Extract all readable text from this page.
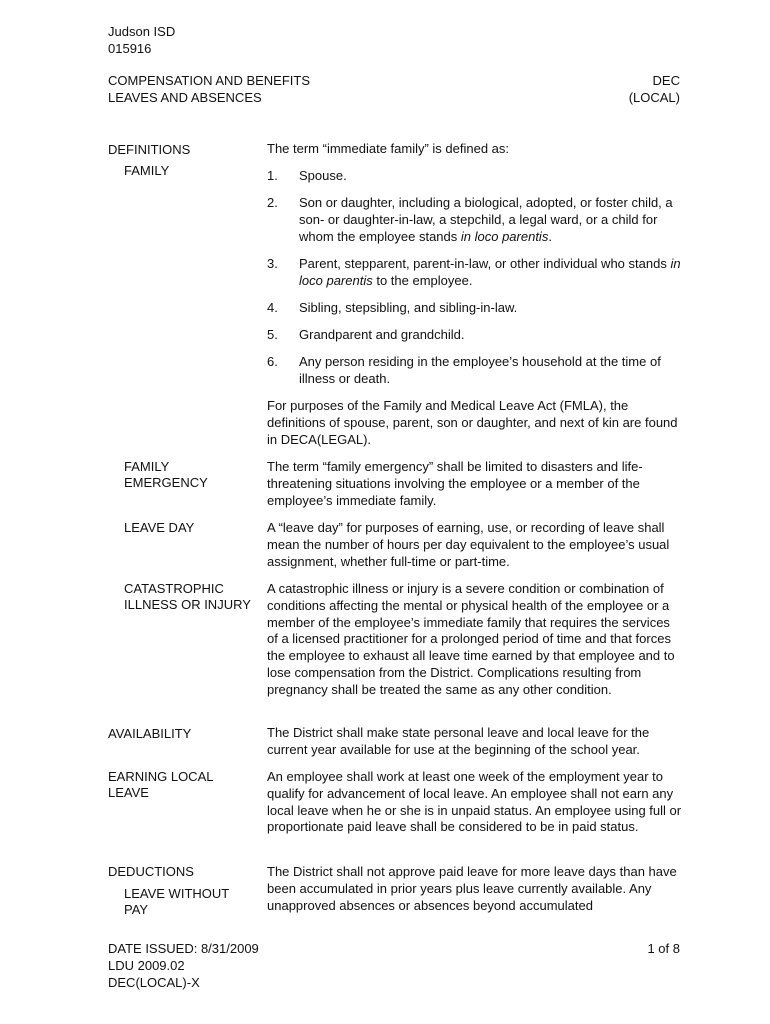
Judson ISD
015916
COMPENSATION AND BENEFITS
LEAVES AND ABSENCES
DEC
(LOCAL)
DEFINITIONS
FAMILY
FAMILY
EMERGENCY
LEAVE DAY
CATASTROPHIC
ILLNESS OR INJURY
AVAILABILITY
EARNING LOCAL
LEAVE
DEDUCTIONS
LEAVE WITHOUT
PAY
The term “immediate family” is defined as:
1. Spouse.
2. Son or daughter, including a biological, adopted, or foster child, a son- or daughter-in-law, a stepchild, a legal ward, or a child for whom the employee stands in loco parentis.
3. Parent, stepparent, parent-in-law, or other individual who stands in loco parentis to the employee.
4. Sibling, stepsibling, and sibling-in-law.
5. Grandparent and grandchild.
6. Any person residing in the employee’s household at the time of illness or death.
For purposes of the Family and Medical Leave Act (FMLA), the definitions of spouse, parent, son or daughter, and next of kin are found in DECA(LEGAL).
The term “family emergency” shall be limited to disasters and life-threatening situations involving the employee or a member of the employee’s immediate family.
A “leave day” for purposes of earning, use, or recording of leave shall mean the number of hours per day equivalent to the employee’s usual assignment, whether full-time or part-time.
A catastrophic illness or injury is a severe condition or combination of conditions affecting the mental or physical health of the employee or a member of the employee’s immediate family that requires the services of a licensed practitioner for a prolonged period of time and that forces the employee to exhaust all leave time earned by that employee and to lose compensation from the District. Complications resulting from pregnancy shall be treated the same as any other condition.
The District shall make state personal leave and local leave for the current year available for use at the beginning of the school year.
An employee shall work at least one week of the employment year to qualify for advancement of local leave. An employee shall not earn any local leave when he or she is in unpaid status. An employee using full or proportionate paid leave shall be considered to be in paid status.
The District shall not approve paid leave for more leave days than have been accumulated in prior years plus leave currently available. Any unapproved absences or absences beyond accumulated
DATE ISSUED: 8/31/2009
LDU 2009.02
DEC(LOCAL)-X
1 of 8
